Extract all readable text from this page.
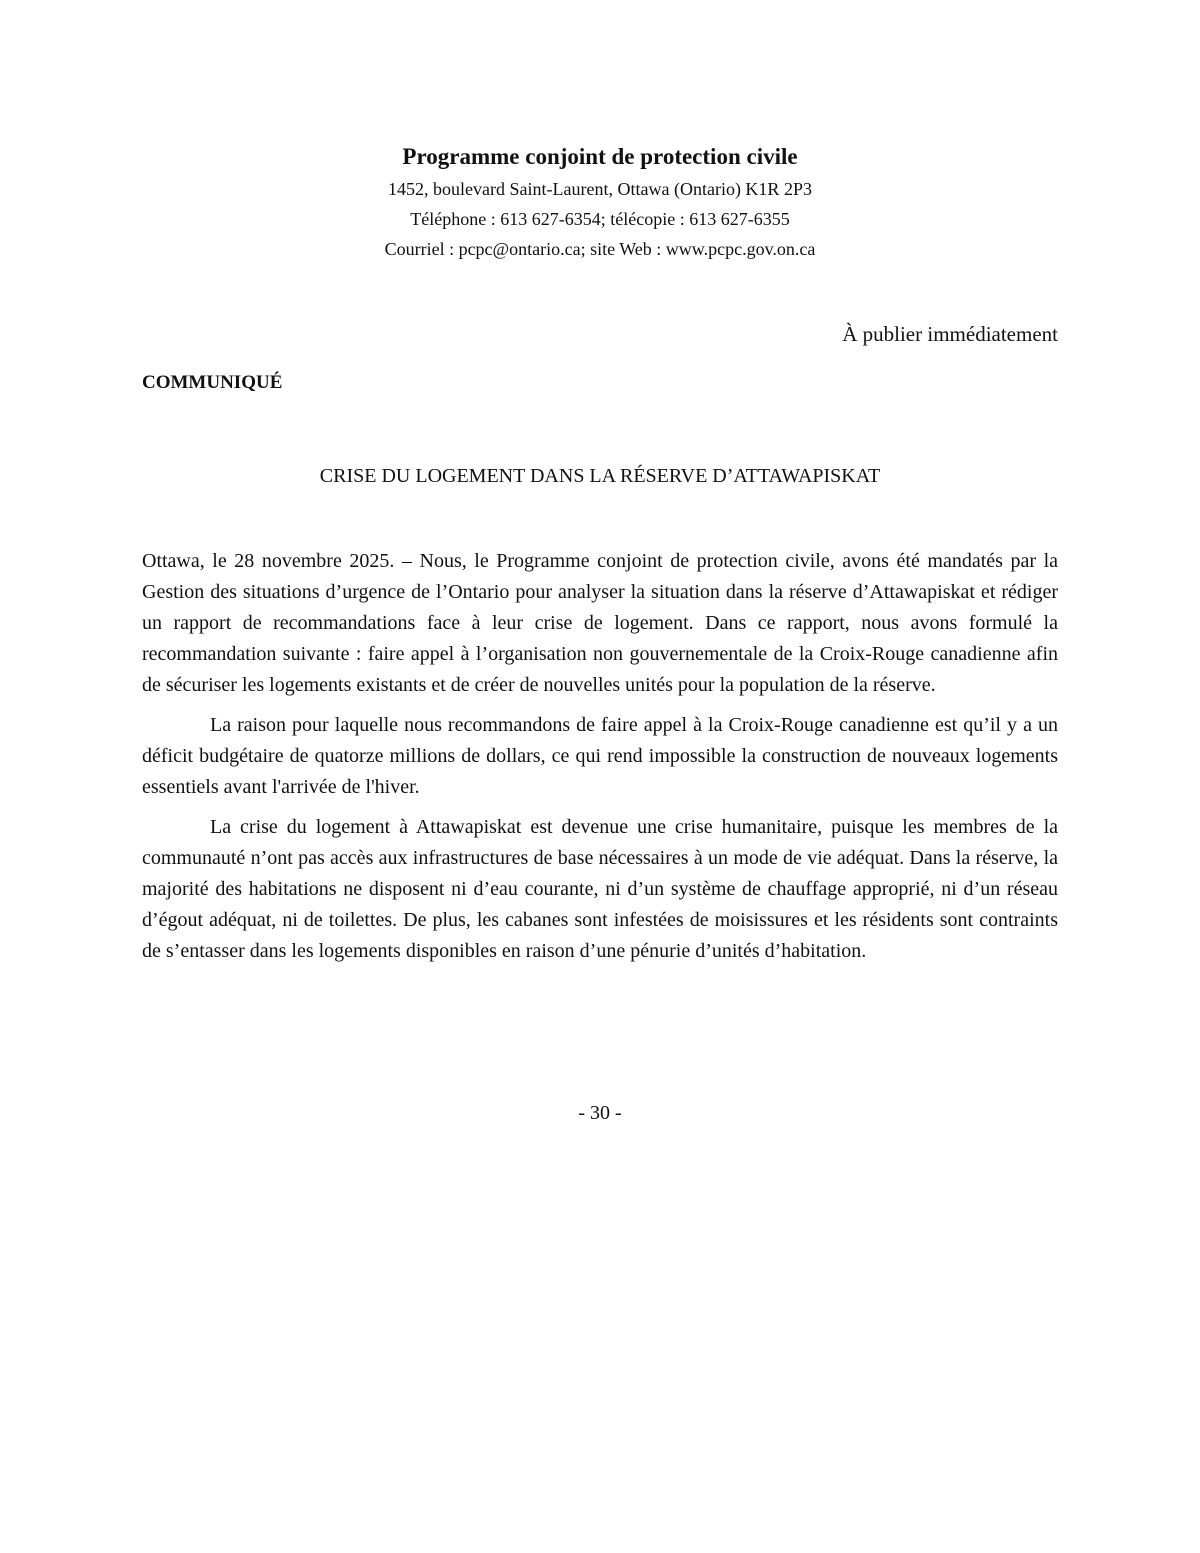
Programme conjoint de protection civile

1452, boulevard Saint-Laurent, Ottawa (Ontario) K1R 2P3

Téléphone : 613 627-6354; télécopie : 613 627-6355

Courriel : pcpc@ontario.ca; site Web : www.pcpc.gov.on.ca

À publier immédiatement
COMMUNIQUÉ
CRISE DU LOGEMENT DANS LA RÉSERVE D’ATTAWAPISKAT

Ottawa, le 28 novembre 2025. – Nous, le Programme conjoint de protection civile, avons été mandatés par la Gestion des situations d’urgence de l’Ontario pour analyser la situation dans la réserve d’Attawapiskat et rédiger un rapport de recommandations face à leur crise de logement. Dans ce rapport, nous avons formulé la recommandation suivante : faire appel à l’organisation non gouvernementale de la Croix-Rouge canadienne afin de sécuriser les logements existants et de créer de nouvelles unités pour la population de la réserve.

La raison pour laquelle nous recommandons de faire appel à la Croix-Rouge canadienne est qu’il y a un déficit budgétaire de quatorze millions de dollars, ce qui rend impossible la construction de nouveaux logements essentiels avant l'arrivée de l'hiver.

La crise du logement à Attawapiskat est devenue une crise humanitaire, puisque les membres de la communauté n’ont pas accès aux infrastructures de base nécessaires à un mode de vie adéquat. Dans la réserve, la majorité des habitations ne disposent ni d’eau courante, ni d’un système de chauffage approprié, ni d’un réseau d’égout adéquat, ni de toilettes. De plus, les cabanes sont infestées de moisissures et les résidents sont contraints de s’entasser dans les logements disponibles en raison d’une pénurie d’unités d’habitation.

- 30 -
